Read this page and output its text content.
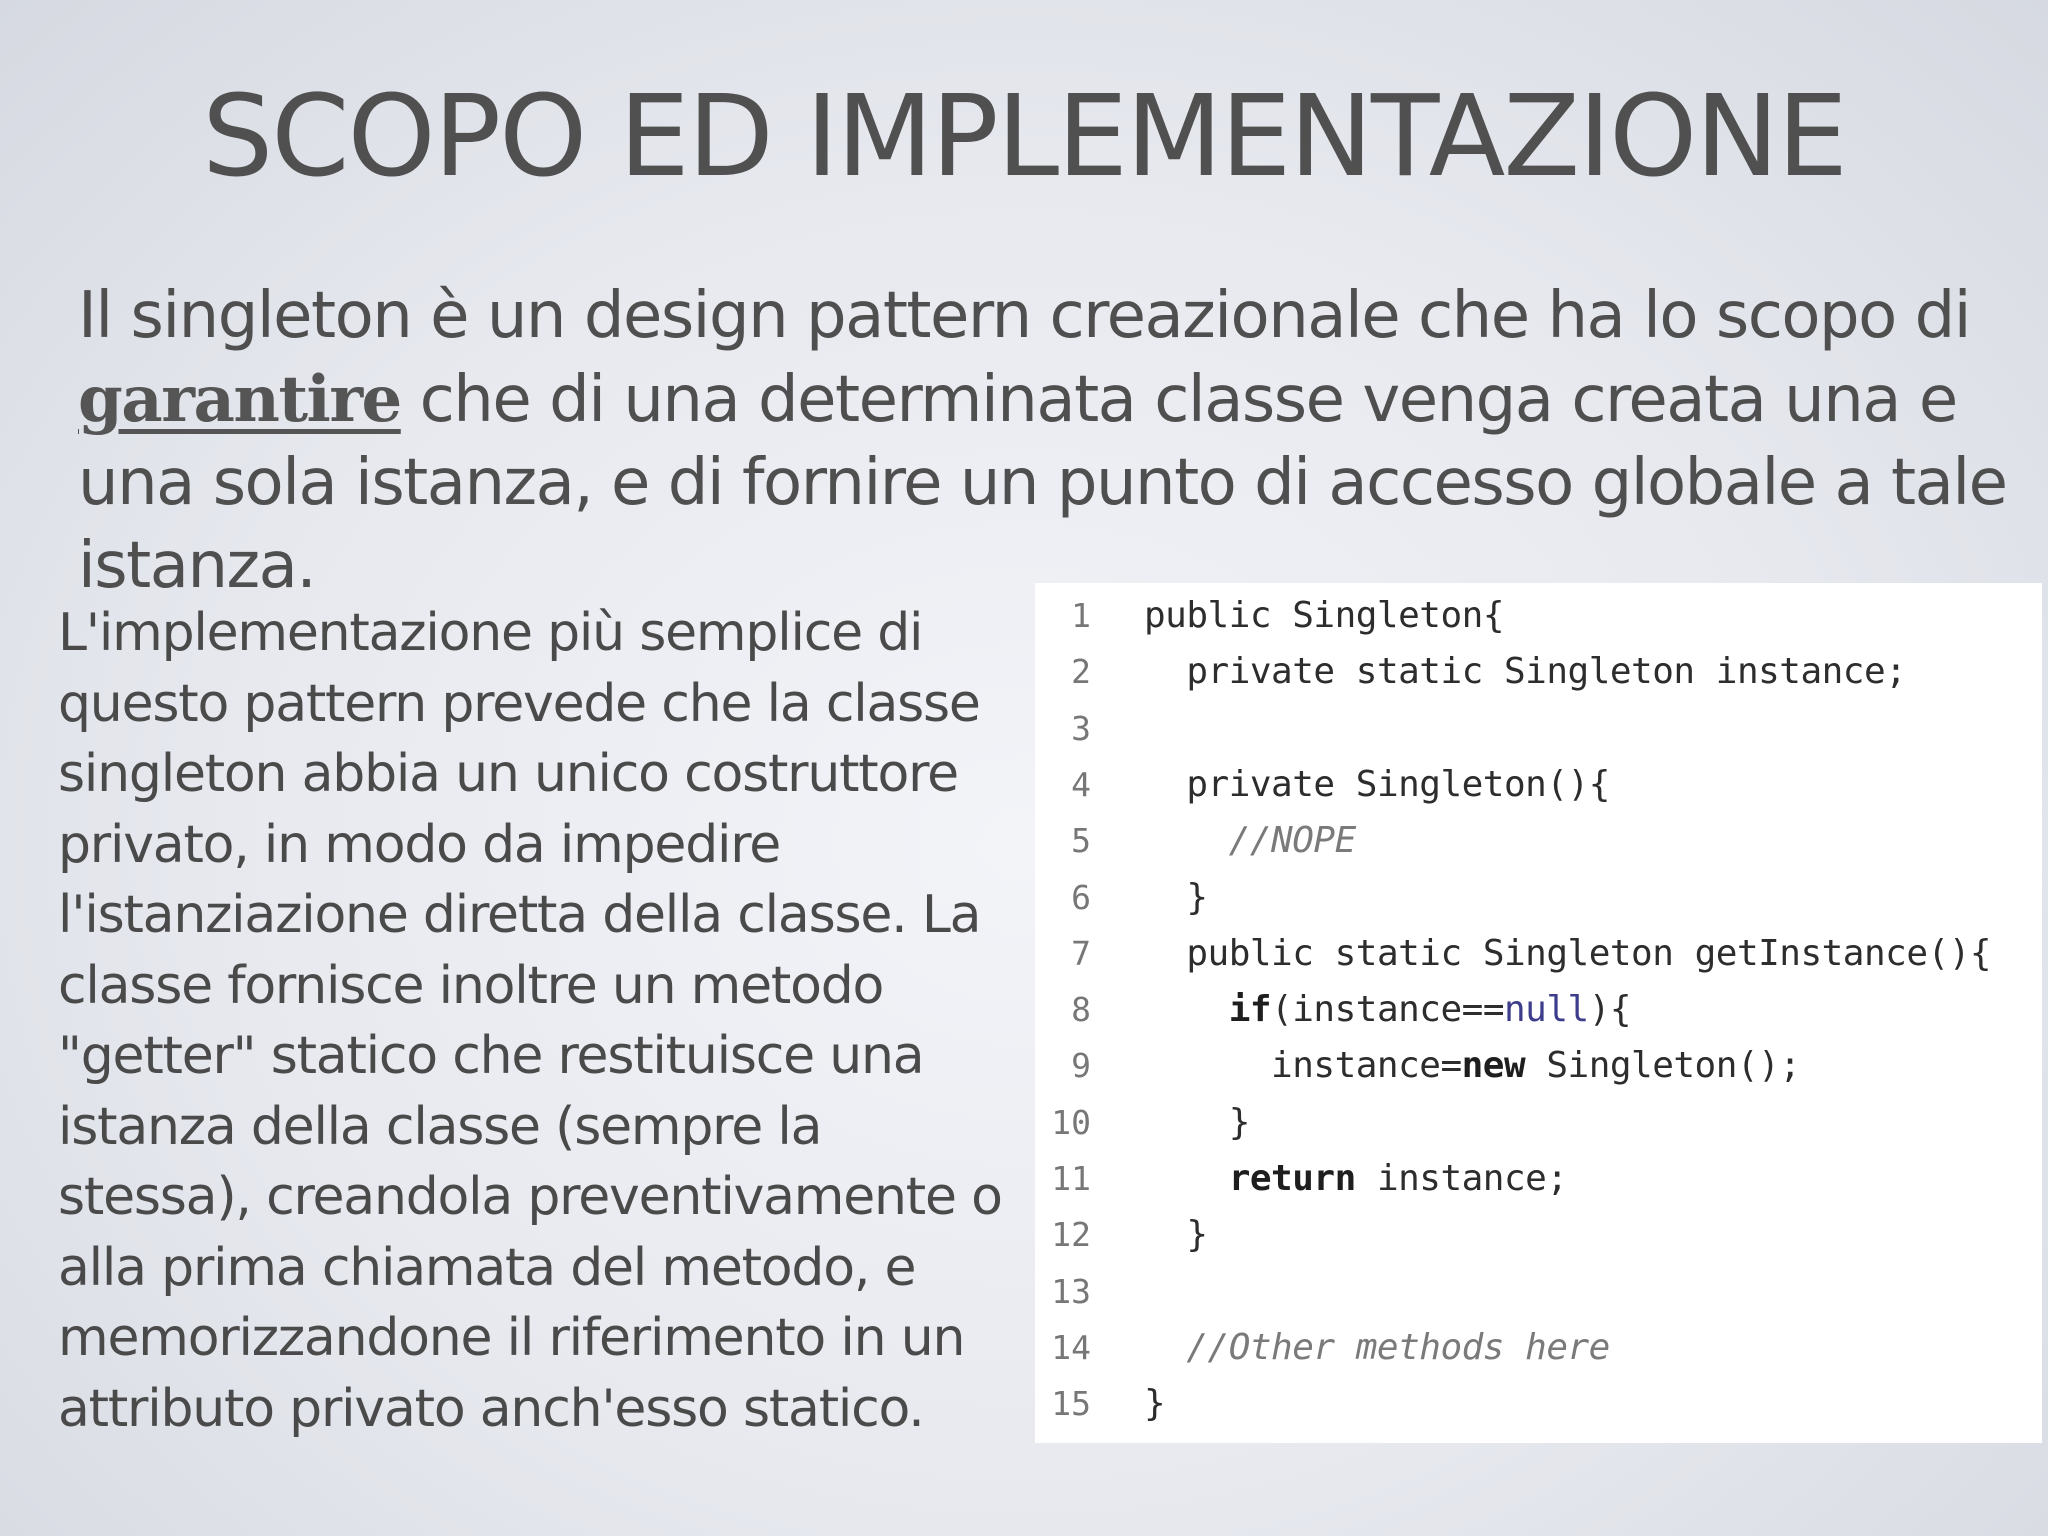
SCOPO ED IMPLEMENTAZIONE
Il singleton è un design pattern creazionale che ha lo scopo di garantire che di una determinata classe venga creata una e una sola istanza, e di fornire un punto di accesso globale a tale istanza.
L'implementazione più semplice di questo pattern prevede che la classe singleton abbia un unico costruttore privato, in modo da impedire l'istanziazione diretta della classe. La classe fornisce inoltre un metodo "getter" statico che restituisce una istanza della classe (sempre la stessa), creandola preventivamente o alla prima chiamata del metodo, e memorizzandone il riferimento in un attributo privato anch'esso statico.
1 public Singleton{
2	private static Singleton instance;
3
4	private Singleton(){
5	//NOPE
6 }
7	public static Singleton getInstance(){
8	if(instance==null){
9	instance=new Singleton();
10 }
11	return instance;
12 }
13
14	//Other methods here
15 }
